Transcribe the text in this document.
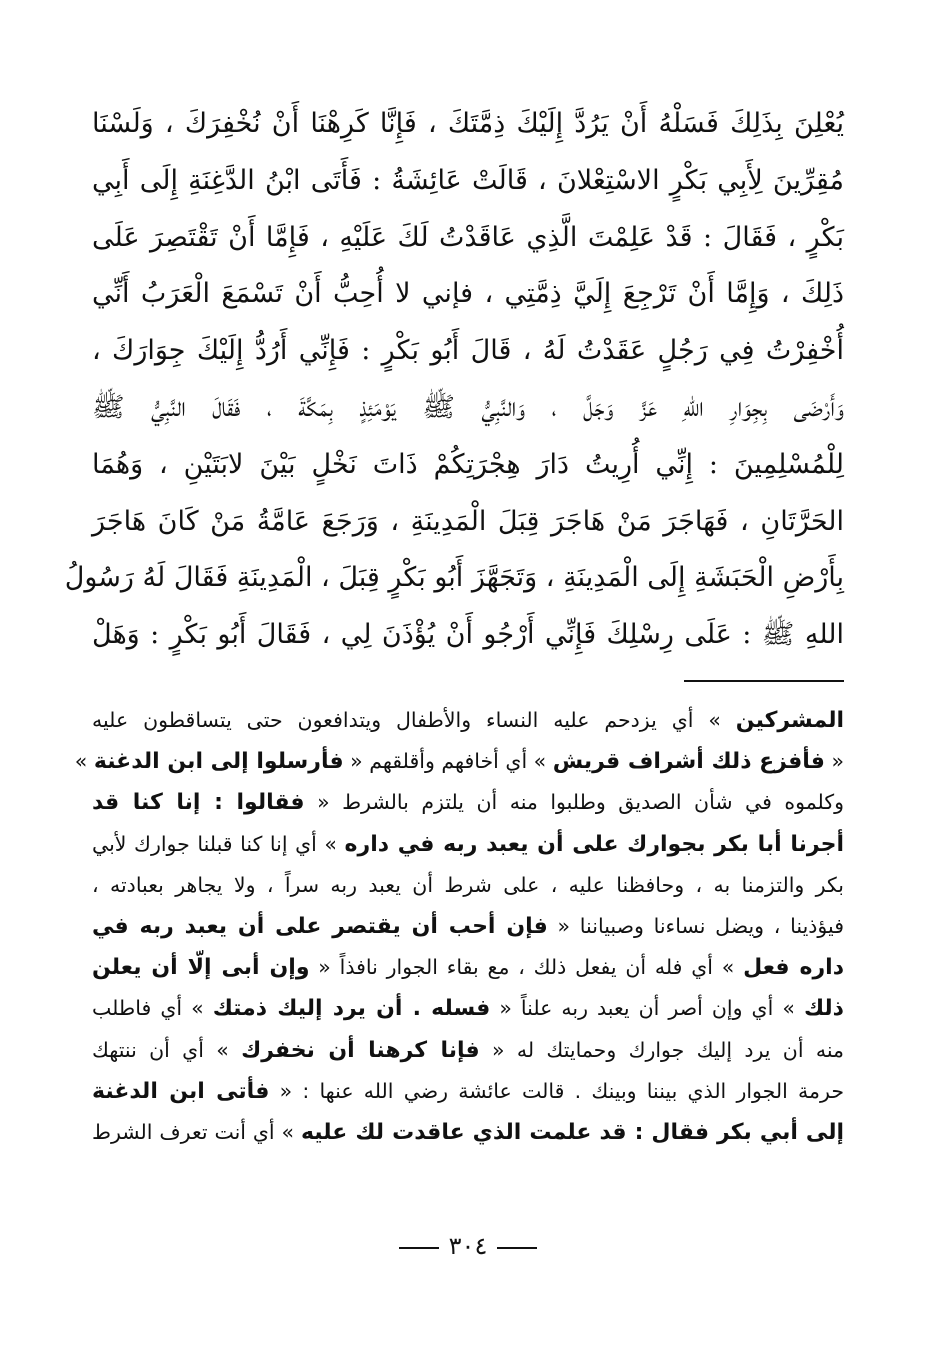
يُعْلِنَ بِذَلِكَ فَسَلْهُ أَنْ يَرُدَّ إِلَيْكَ ذِمَّتَكَ ، فَإِنَّا كَرِهْنَا أَنْ نُخْفِرَكَ ، وَلَسْنَا
مُقِرِّينَ لِأَبِي بَكْرٍ الاسْتِعْلانَ ، قَالَتْ عَائِشَةُ : فَأَتَى ابْنُ الدَّغِنَةِ إِلَى أَبِي
بَكْرٍ ، فَقَالَ : قَدْ عَلِمْتَ الَّذِي عَاقَدْتُ لَكَ عَلَيْهِ ، فَإِمَّا أَنْ تَقْتَصِرَ عَلَى
ذَلِكَ ، وَإِمَّا أَنْ تَرْجِعَ إِلَيَّ ذِمَّتِي ، فإني لا أُحِبُّ أَنْ تَسْمَعَ الْعَرَبُ أَنِّي
أُخْفِرْتُ فِي رَجُلٍ عَقَدْتُ لَهُ ، قَالَ أَبُو بَكْرٍ : فَإِنِّي أَرُدُّ إِلَيْكَ جِوَارَكَ ،
وَأَرْضَى بِجِوَارِ اللهِ عَزَّ وَجَلَّ ، وَالنَّبِيُّ ﷺ يَوْمَئِذٍ بِمَكَّةَ ، فَقَالَ النَّبِيُّ ﷺ
لِلْمُسْلِمِينَ : إِنِّي أُرِيتُ دَارَ هِجْرَتِكُمْ ذَاتَ نَخْلٍ بَيْنَ لابَتَيْنِ ، وَهُمَا
الحَرَّتَانِ ، فَهَاجَرَ مَنْ هَاجَرَ قِبَلَ الْمَدِينَةِ ، وَرَجَعَ عَامَّةُ مَنْ كَانَ هَاجَرَ
بِأَرْضِ الْحَبَشَةِ إِلَى الْمَدِينَةِ ، وَتَجَهَّزَ أَبُو بَكْرٍ قِبَلَ ، الْمَدِينَةِ فَقَالَ لَهُ رَسُولُ
اللهِ ﷺ : عَلَى رِسْلِكَ فَإِنِّي أَرْجُو أَنْ يُؤْذَنَ لِي ، فَقَالَ أَبُو بَكْرٍ : وَهَلْ
المشركين » أي يزدحم عليه النساء والأطفال ويتدافعون حتى يتساقطون عليه
« فأفزع ذلك أشراف قريش » أي أخافهم وأقلقهم « فأرسلوا إلى ابن الدغنة »
وكلموه في شأن الصديق وطلبوا منه أن يلتزم بالشرط « فقالوا : إنا كنا قد
أجرنا أبا بكر بجوارك على أن يعبد ربه في داره » أي إنا كنا قبلنا جوارك لأبي
بكر والتزمنا به ، وحافظنا عليه ، على شرط أن يعبد ربه سراً ، ولا يجاهر بعبادته ،
فيؤذينا ، ويضل نساءنا وصبياننا « فإن أحب أن يقتصر على أن يعبد ربه في
داره فعل » أي فله أن يفعل ذلك ، مع بقاء الجوار نافذاً « وإن أبى إلّا أن يعلن
ذلك » أي وإن أصر أن يعبد ربه علناً « فسله . أن يرد إليك ذمتك » أي فاطلب
منه أن يرد إليك جوارك وحمايتك له « فإنا كرهنا أن نخفرك » أي أن ننتهك
حرمة الجوار الذي بيننا وبينك . قالت عائشة رضي الله عنها : « فأتى ابن الدغنة
إلى أبي بكر فقال : قد علمت الذي عاقدت لك عليه » أي أنت تعرف الشرط
٣٠٤
